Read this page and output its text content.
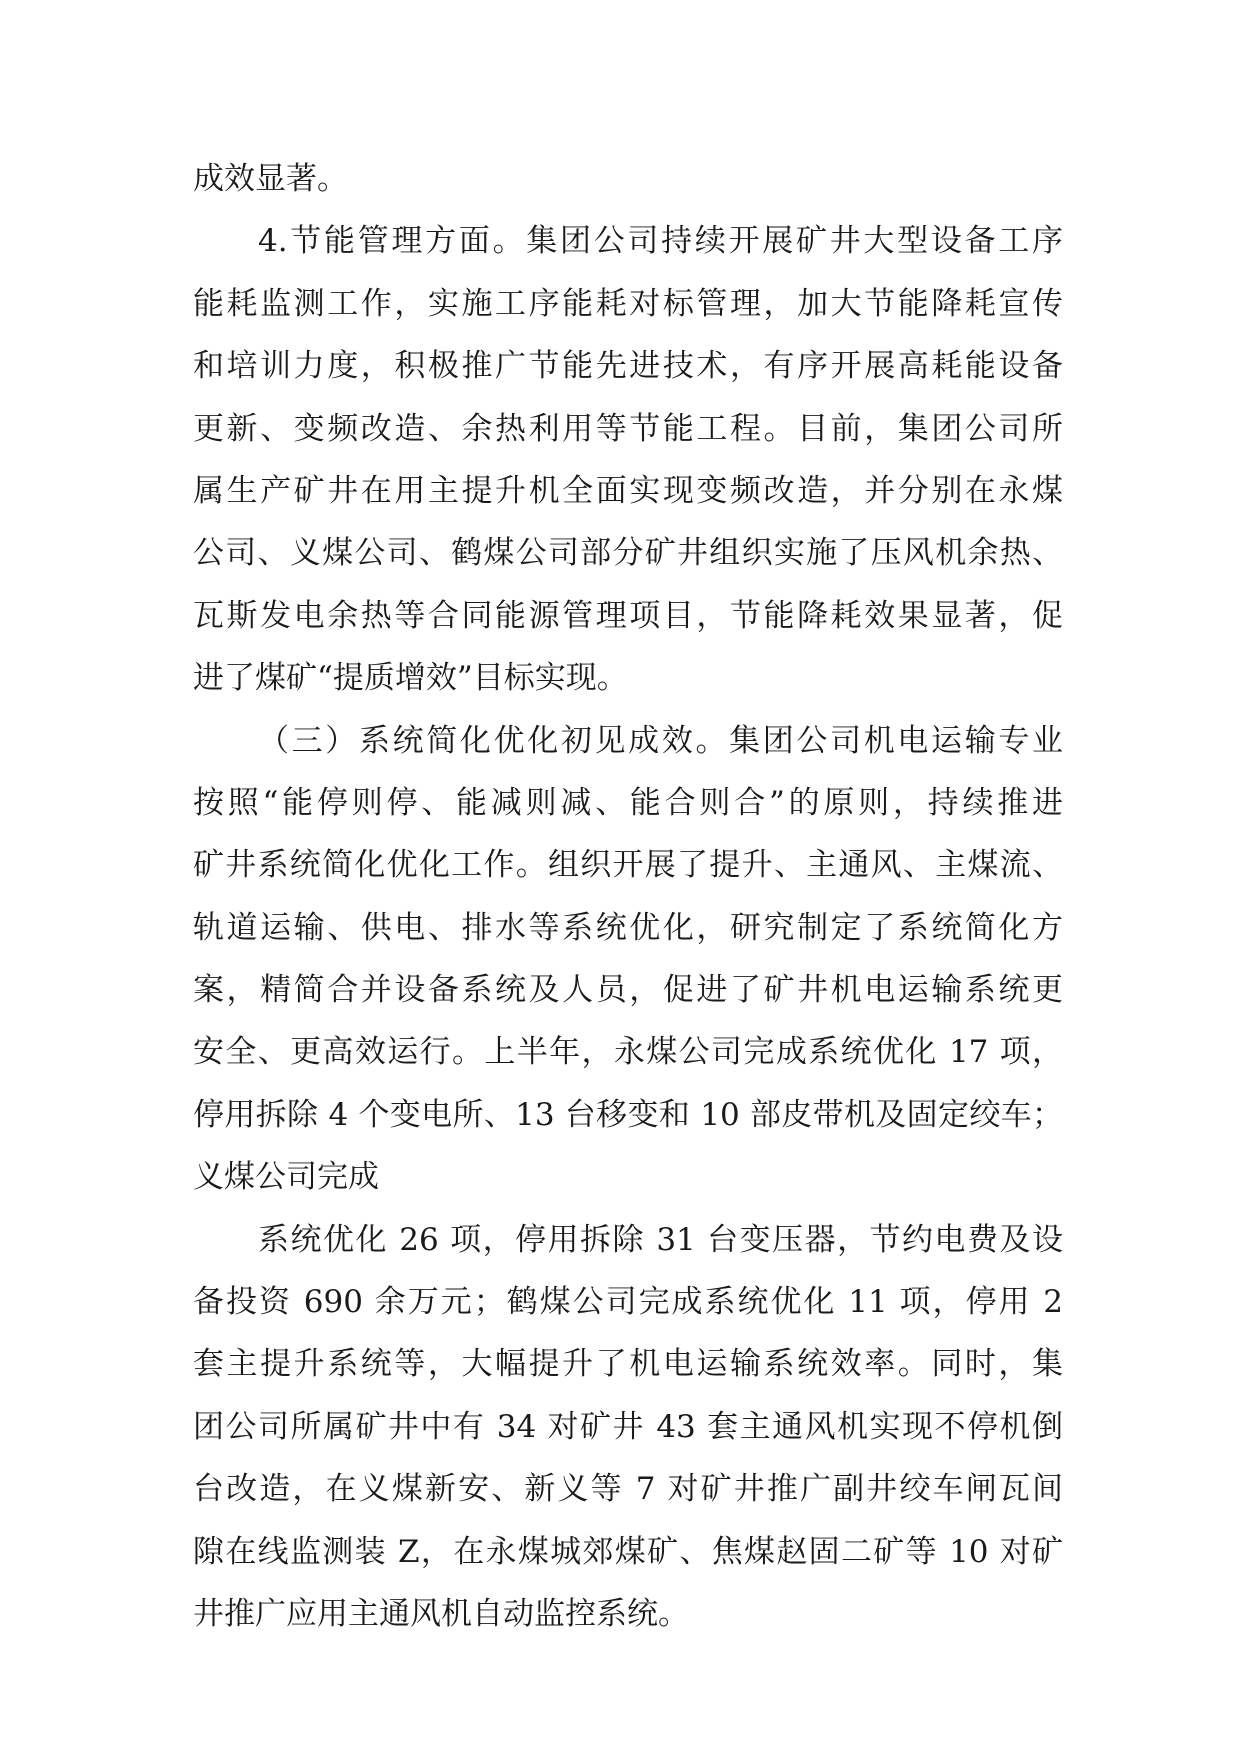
成效显著。
4.节能管理方面。集团公司持续开展矿井大型设备工序
能耗监测工作，实施工序能耗对标管理，加大节能降耗宣传
和培训力度，积极推广节能先进技术，有序开展高耗能设备
更新、变频改造、余热利用等节能工程。目前，集团公司所
属生产矿井在用主提升机全面实现变频改造，并分别在永煤
公司、义煤公司、鹤煤公司部分矿井组织实施了压风机余热、
瓦斯发电余热等合同能源管理项目，节能降耗效果显著，促
进了煤矿“提质增效”目标实现。
（三）系统简化优化初见成效。集团公司机电运输专业
按照“能停则停、能减则减、能合则合”的原则，持续推进
矿井系统简化优化工作。组织开展了提升、主通风、主煤流、
轨道运输、供电、排水等系统优化，研究制定了系统简化方
案，精简合并设备系统及人员，促进了矿井机电运输系统更
安全、更高效运行。上半年，永煤公司完成系统优化 17 项，
停用拆除 4 个变电所、13 台移变和 10 部皮带机及固定绞车；
义煤公司完成
系统优化 26 项，停用拆除 31 台变压器，节约电费及设
备投资 690 余万元；鹤煤公司完成系统优化 11 项，停用 2
套主提升系统等，大幅提升了机电运输系统效率。同时，集
团公司所属矿井中有 34 对矿井 43 套主通风机实现不停机倒
台改造，在义煤新安、新义等 7 对矿井推广副井绞车闸瓦间
隙在线监测装 Z，在永煤城郊煤矿、焦煤赵固二矿等 10 对矿
井推广应用主通风机自动监控系统。
